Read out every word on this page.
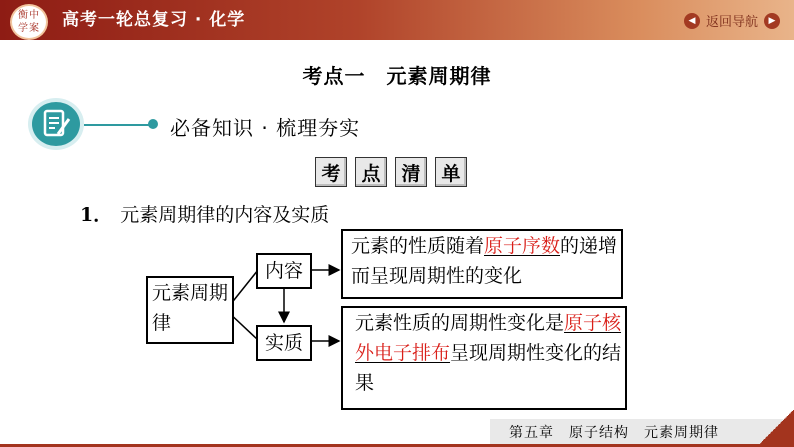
衡中
学案	高考一轮总复习 · 化学	◀ 返回导航	▶
考点一　元素周期律
必备知识 · 梳理夯实
考	点	清	单
1． 元素周期律的内容及实质
元素周期律
内容
实质
元素的性质随着原子序数的递增而呈现周期性的变化
元素性质的周期性变化是原子核外电子排布呈现周期性变化的结果
第五章　原子结构　元素周期律
